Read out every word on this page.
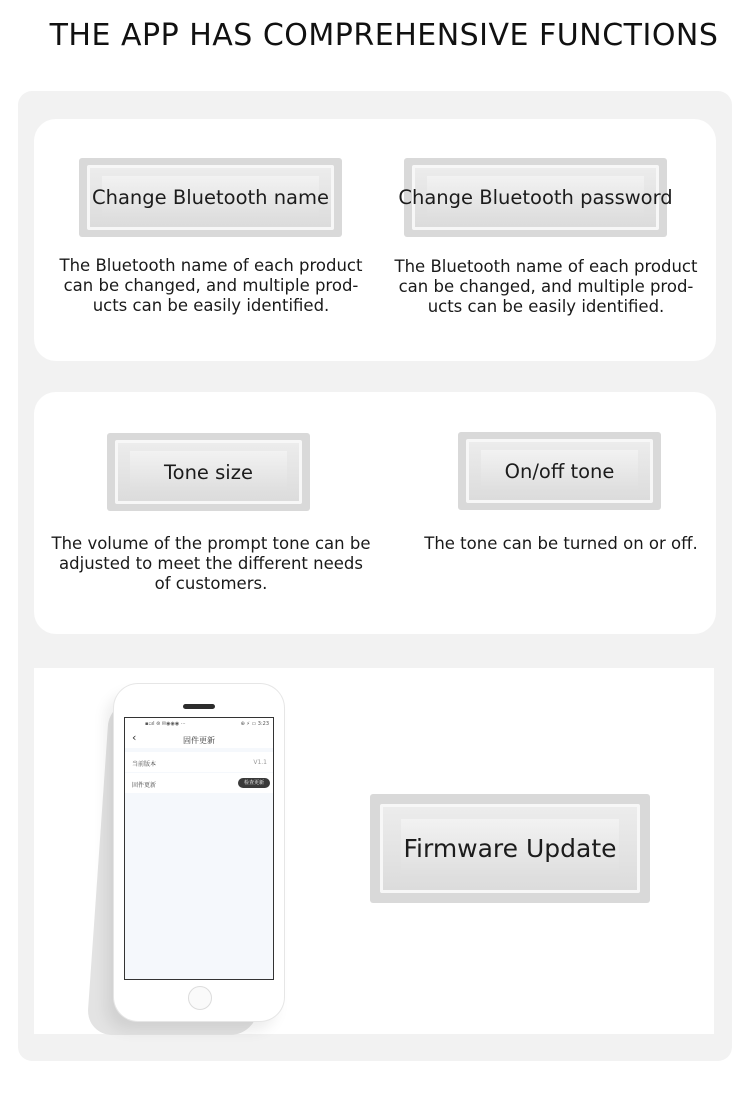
THE APP HAS COMPREHENSIVE FUNCTIONS
Change Bluetooth name
The Bluetooth name of each product
can be changed, and multiple prod-
ucts can be easily identified.
Change Bluetooth password
The Bluetooth name of each product
can be changed, and multiple prod-
ucts can be easily identified.
Tone size
The volume of the prompt tone can be
adjusted to meet the different needs
of customers.
On/off tone
The tone can be turned on or off.
▪▫ıl ⊜ ✉◉◉◉ ···	⊕ ⚡ ▭ 3:23
‹	固件更新
当前版本	V1.1
固件更新	检查更新
Firmware Update
